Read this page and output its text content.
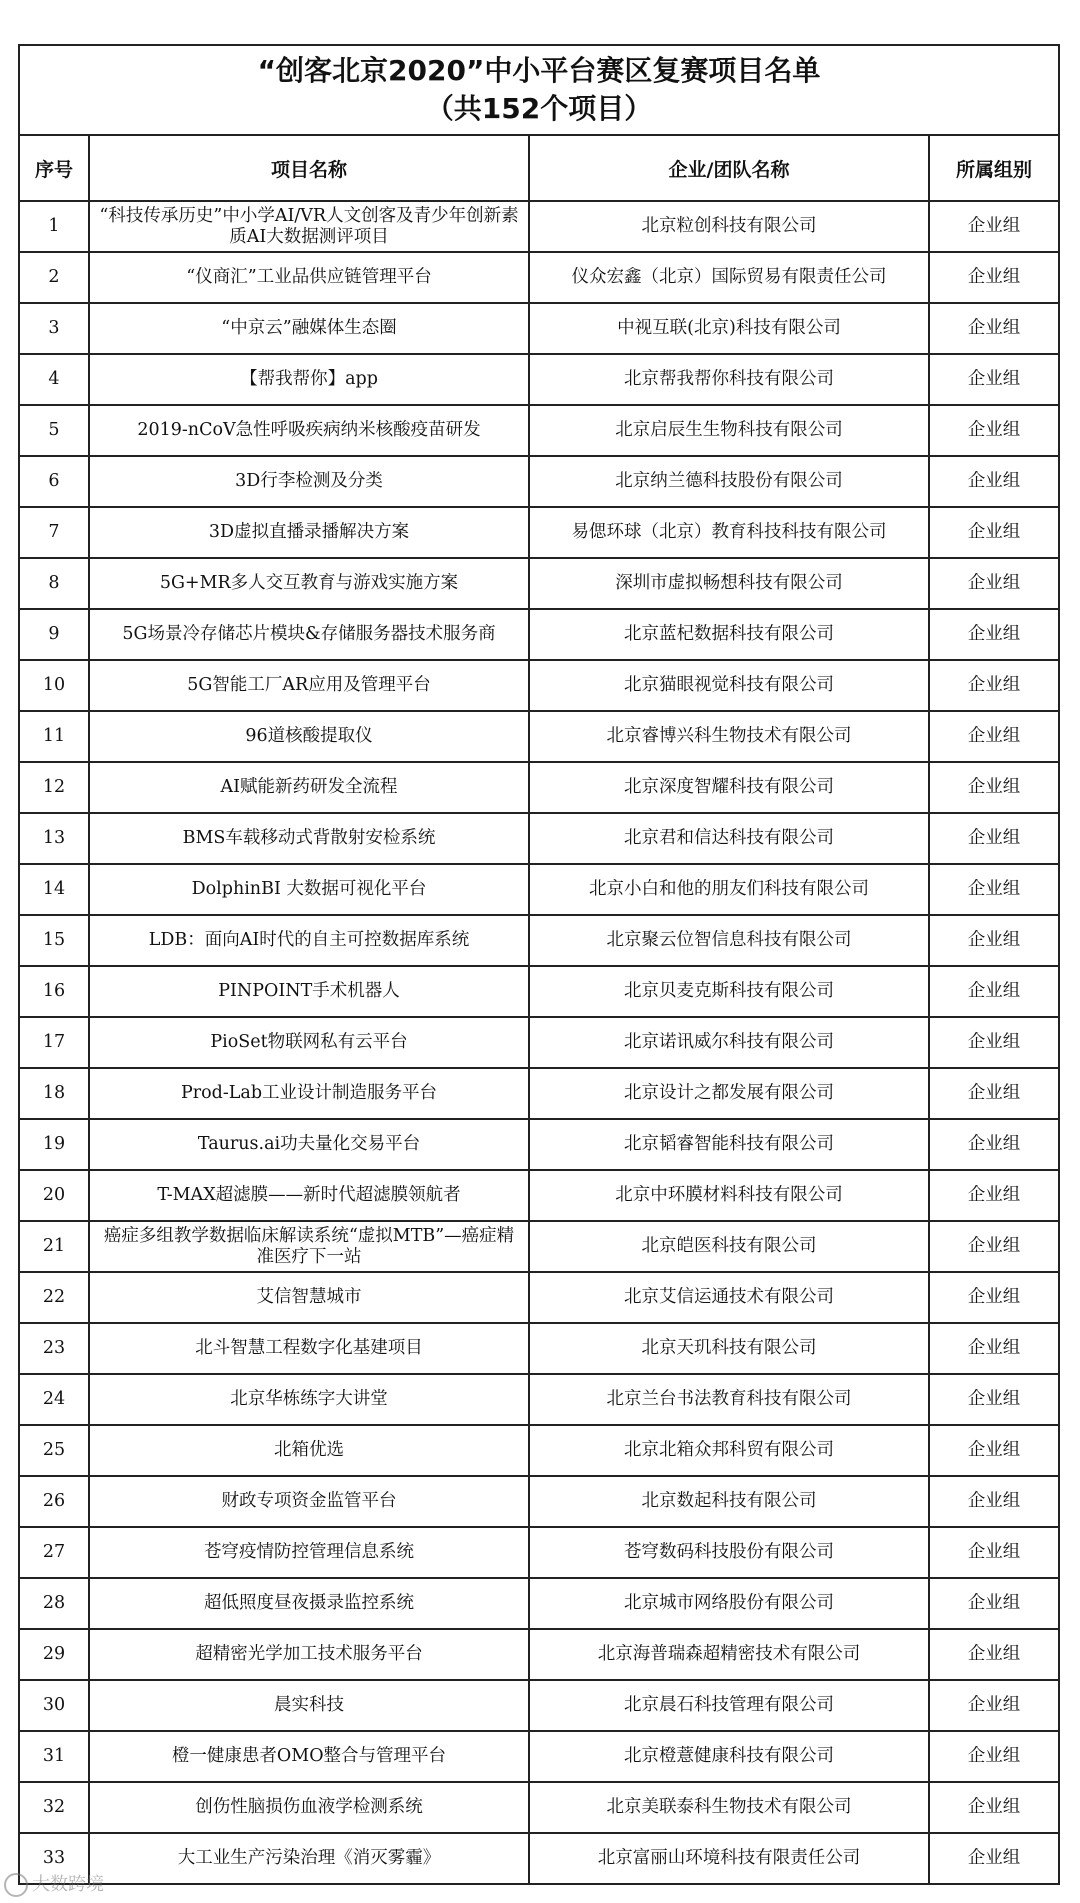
“创客北京2020”中小平台赛区复赛项目名单
（共152个项目）			

序号	项目名称	企业/团队名称	所属组别
1	“科技传承历史”中小学AI/VR人文创客及青少年创新素质AI大数据测评项目	北京粒创科技有限公司	企业组
2	“仪商汇”工业品供应链管理平台	仪众宏鑫（北京）国际贸易有限责任公司	企业组
3	“中京云”融媒体生态圈	中视互联(北京)科技有限公司	企业组
4	【帮我帮你】app	北京帮我帮你科技有限公司	企业组
5	2019-nCoV急性呼吸疾病纳米核酸疫苗研发	北京启辰生生物科技有限公司	企业组
6	3D行李检测及分类	北京纳兰德科技股份有限公司	企业组
7	3D虚拟直播录播解决方案	易偲环球（北京）教育科技科技有限公司	企业组
8	5G+MR多人交互教育与游戏实施方案	深圳市虚拟畅想科技有限公司	企业组
9	5G场景冷存储芯片模块&存储服务器技术服务商	北京蓝杞数据科技有限公司	企业组
10	5G智能工厂AR应用及管理平台	北京猫眼视觉科技有限公司	企业组
11	96道核酸提取仪	北京睿博兴科生物技术有限公司	企业组
12	AI赋能新药研发全流程	北京深度智耀科技有限公司	企业组
13	BMS车载移动式背散射安检系统	北京君和信达科技有限公司	企业组
14	DolphinBI 大数据可视化平台	北京小白和他的朋友们科技有限公司	企业组
15	LDB：面向AI时代的自主可控数据库系统	北京聚云位智信息科技有限公司	企业组
16	PINPOINT手术机器人	北京贝麦克斯科技有限公司	企业组
17	PioSet物联网私有云平台	北京诺讯威尔科技有限公司	企业组
18	Prod-Lab工业设计制造服务平台	北京设计之都发展有限公司	企业组
19	Taurus.ai功夫量化交易平台	北京韬睿智能科技有限公司	企业组
20	T-MAX超滤膜——新时代超滤膜领航者	北京中环膜材料科技有限公司	企业组
21	癌症多组教学数据临床解读系统“虚拟MTB”—癌症精准医疗下一站	北京皑医科技有限公司	企业组
22	艾信智慧城市	北京艾信运通技术有限公司	企业组
23	北斗智慧工程数字化基建项目	北京天玑科技有限公司	企业组
24	北京华栋练字大讲堂	北京兰台书法教育科技有限公司	企业组
25	北箱优选	北京北箱众邦科贸有限公司	企业组
26	财政专项资金监管平台	北京数起科技有限公司	企业组
27	苍穹疫情防控管理信息系统	苍穹数码科技股份有限公司	企业组
28	超低照度昼夜摄录监控系统	北京城市网络股份有限公司	企业组
29	超精密光学加工技术服务平台	北京海普瑞森超精密技术有限公司	企业组
30	晨实科技	北京晨石科技管理有限公司	企业组
31	橙一健康患者OMO整合与管理平台	北京橙薏健康科技有限公司	企业组
32	创伤性脑损伤血液学检测系统	北京美联泰科生物技术有限公司	企业组
33	大工业生产污染治理《消灭雾霾》	北京富丽山环境科技有限责任公司	企业组
大数跨境
